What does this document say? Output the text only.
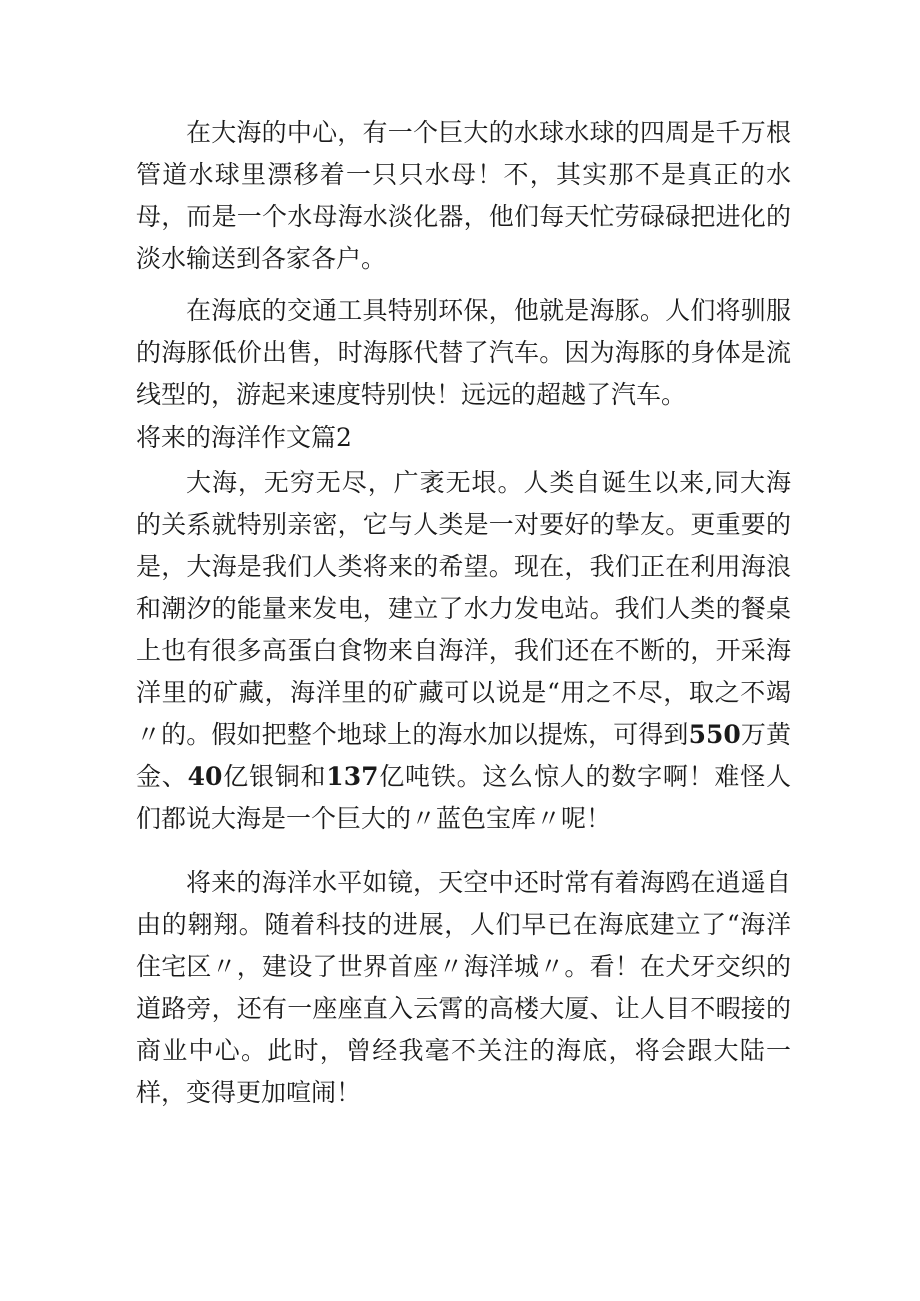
在大海的中心，有一个巨大的水球水球的四周是千万根管道水球里漂移着一只只水母！不，其实那不是真正的水母，而是一个水母海水淡化器，他们每天忙劳碌碌把进化的淡水输送到各家各户。

在海底的交通工具特别环保，他就是海豚。人们将驯服的海豚低价出售，时海豚代替了汽车。因为海豚的身体是流线型的，游起来速度特别快！远远的超越了汽车。

将来的海洋作文篇2

大海，无穷无尽，广袤无垠。人类自诞生以来,同大海的关系就特别亲密，它与人类是一对要好的挚友。更重要的是，大海是我们人类将来的希望。现在，我们正在利用海浪和潮汐的能量来发电，建立了水力发电站。我们人类的餐桌上也有很多高蛋白食物来自海洋，我们还在不断的，开采海洋里的矿藏，海洋里的矿藏可以说是“用之不尽，取之不竭〃的。假如把整个地球上的海水加以提炼，可得到550万黄金、40亿银铜和137亿吨铁。这么惊人的数字啊！难怪人们都说大海是一个巨大的〃蓝色宝库〃呢！

将来的海洋水平如镜，天空中还时常有着海鸥在逍遥自由的翱翔。随着科技的进展，人们早已在海底建立了“海洋住宅区〃，建设了世界首座〃海洋城〃。看！在犬牙交织的道路旁，还有一座座直入云霄的高楼大厦、让人目不暇接的商业中心。此时，曾经我毫不关注的海底，将会跟大陆一样，变得更加喧闹！
